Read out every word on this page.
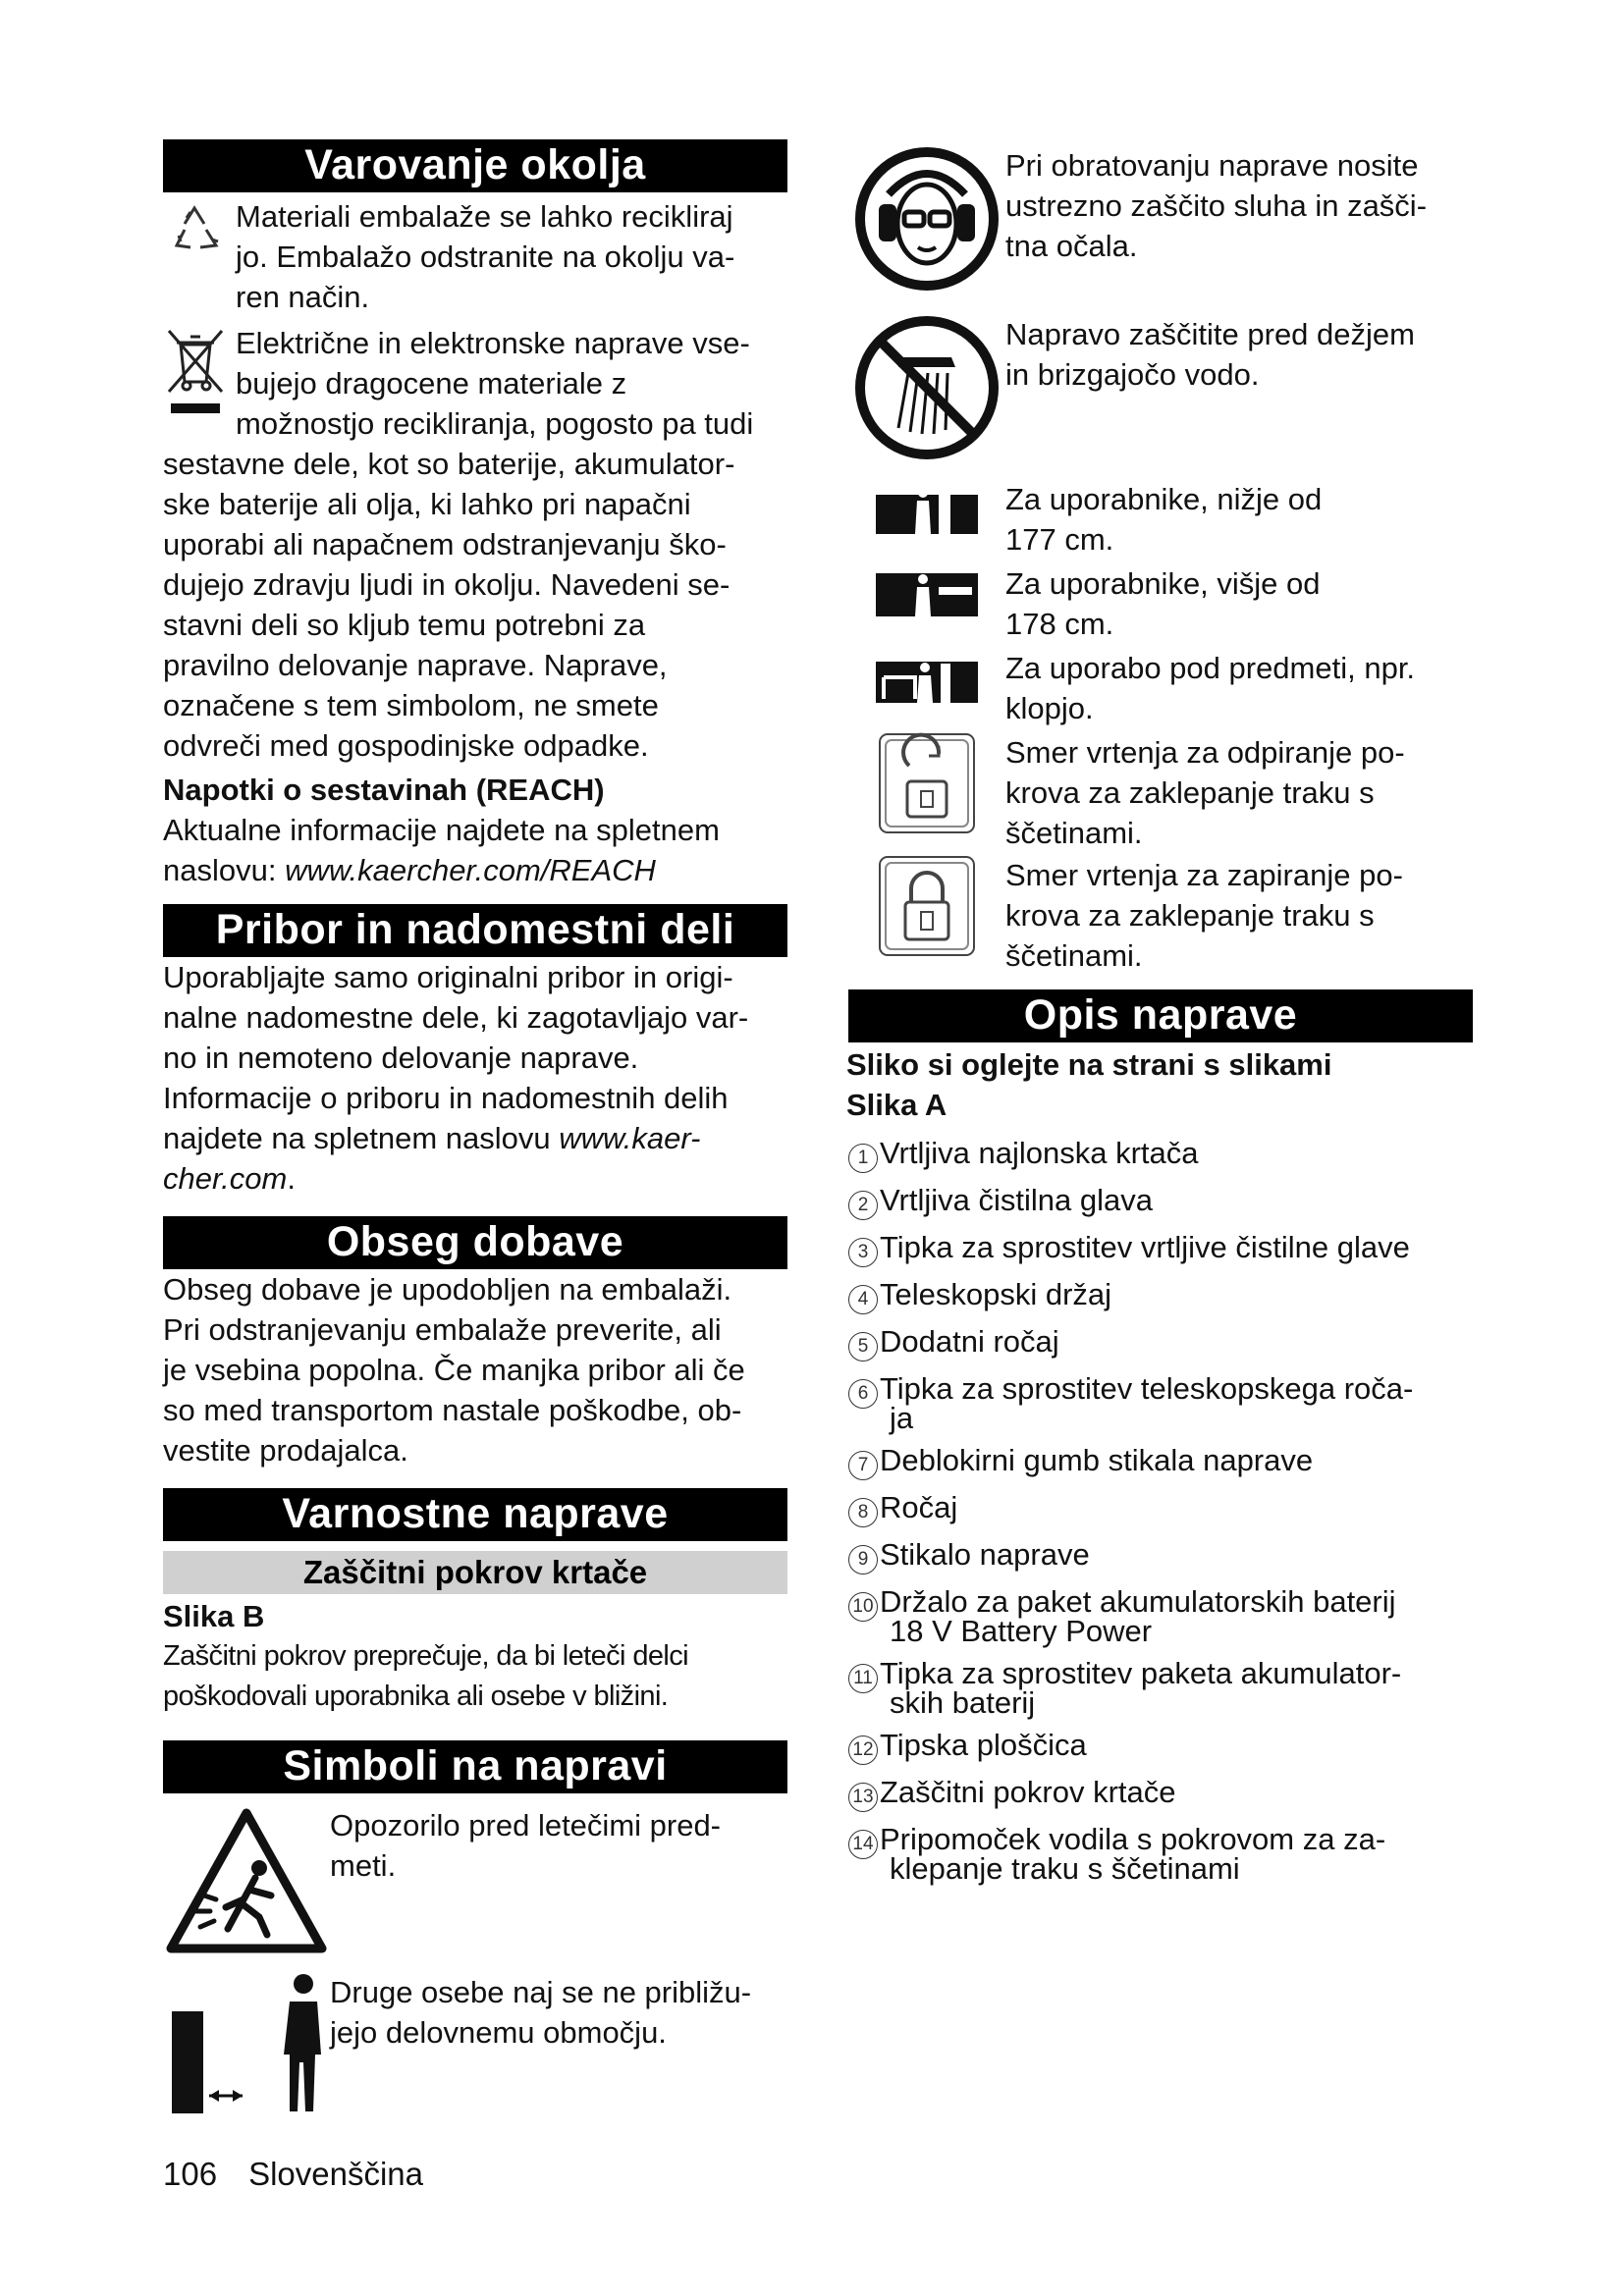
Varovanje okolja

Materiali embalaže se lahko recikliraj

jo. Embalažo odstranite na okolju va-

ren način.

Električne in elektronske naprave vse-

bujejo dragocene materiale z

možnostjo recikliranja, pogosto pa tudi

sestavne dele, kot so baterije, akumulator-

ske baterije ali olja, ki lahko pri napačni

uporabi ali napačnem odstranjevanju ško-

dujejo zdravju ljudi in okolju. Navedeni se-

stavni deli so kljub temu potrebni za

pravilno delovanje naprave. Naprave,

označene s tem simbolom, ne smete

odvreči med gospodinjske odpadke.

Napotki o sestavinah (REACH)

Aktualne informacije najdete na spletnem

naslovu: www.kaercher.com/REACH

Pribor in nadomestni deli

Uporabljajte samo originalni pribor in origi-

nalne nadomestne dele, ki zagotavljajo var-

no in nemoteno delovanje naprave.

Informacije o priboru in nadomestnih delih

najdete na spletnem naslovu www.kaer-

cher.com.

Obseg dobave

Obseg dobave je upodobljen na embalaži.

Pri odstranjevanju embalaže preverite, ali

je vsebina popolna. Če manjka pribor ali če

so med transportom nastale poškodbe, ob-

vestite prodajalca.

Varnostne naprave
Zaščitni pokrov krtače

Slika B

Zaščitni pokrov preprečuje, da bi leteči delci

poškodovali uporabnika ali osebe v bližini.

Simboli na napravi

Opozorilo pred letečimi pred-

meti.

Druge osebe naj se ne približu-

jejo delovnemu območju.

Pri obratovanju naprave nosite

ustrezno zaščito sluha in zašči-

tna očala.

Napravo zaščitite pred dežjem

in brizgajočo vodo.

Za uporabnike, nižje od

177 cm.

Za uporabnike, višje od

178 cm.

Za uporabo pod predmeti, npr.

klopjo.

Smer vrtenja za odpiranje po-

krova za zaklepanje traku s

ščetinami.

Smer vrtenja za zapiranje po-

krova za zaklepanje traku s

ščetinami.

Opis naprave

Sliko si oglejte na strani s slikami

Slika A

1 Vrtljiva najlonska krtača
2 Vrtljiva čistilna glava
3 Tipka za sprostitev vrtljive čistilne glave
4 Teleskopski držaj
5 Dodatni ročaj
6 Tipka za sprostitev teleskopskega roča-
ja
7 Deblokirni gumb stikala naprave
8 Ročaj
9 Stikalo naprave
10 Držalo za paket akumulatorskih baterij
18 V Battery Power
11 Tipka za sprostitev paketa akumulator-
skih baterij
12 Tipska ploščica
13 Zaščitni pokrov krtače
14 Pripomoček vodila s pokrovom za za-
klepanje traku s ščetinami
106 Slovenščina
